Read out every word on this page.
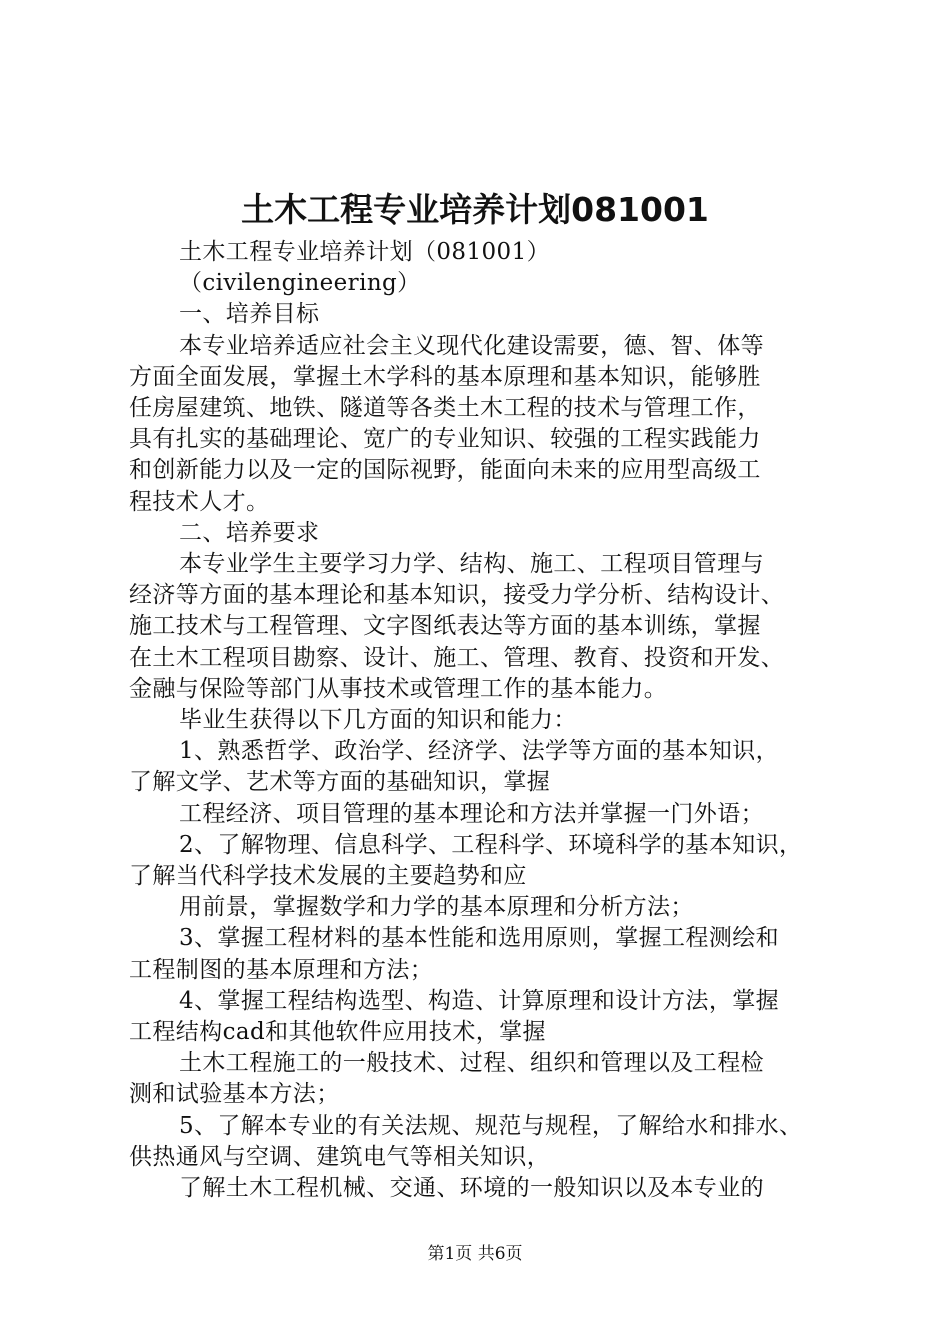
土木工程专业培养计划081001
土木工程专业培养计划（081001）
（civilengineering）
一、培养目标
本专业培养适应社会主义现代化建设需要，德、智、体等
方面全面发展，掌握土木学科的基本原理和基本知识，能够胜
任房屋建筑、地铁、隧道等各类土木工程的技术与管理工作，
具有扎实的基础理论、宽广的专业知识、较强的工程实践能力
和创新能力以及一定的国际视野，能面向未来的应用型高级工
程技术人才。
二、培养要求
本专业学生主要学习力学、结构、施工、工程项目管理与
经济等方面的基本理论和基本知识，接受力学分析、结构设计、
施工技术与工程管理、文字图纸表达等方面的基本训练，掌握
在土木工程项目勘察、设计、施工、管理、教育、投资和开发、
金融与保险等部门从事技术或管理工作的基本能力。
毕业生获得以下几方面的知识和能力：
1、熟悉哲学、政治学、经济学、法学等方面的基本知识，
了解文学、艺术等方面的基础知识，掌握
工程经济、项目管理的基本理论和方法并掌握一门外语；
2、了解物理、信息科学、工程科学、环境科学的基本知识，
了解当代科学技术发展的主要趋势和应
用前景，掌握数学和力学的基本原理和分析方法；
3、掌握工程材料的基本性能和选用原则，掌握工程测绘和
工程制图的基本原理和方法；
4、掌握工程结构选型、构造、计算原理和设计方法，掌握
工程结构cad和其他软件应用技术，掌握
土木工程施工的一般技术、过程、组织和管理以及工程检
测和试验基本方法；
5、了解本专业的有关法规、规范与规程，了解给水和排水、
供热通风与空调、建筑电气等相关知识，
了解土木工程机械、交通、环境的一般知识以及本专业的
第1页 共6页
